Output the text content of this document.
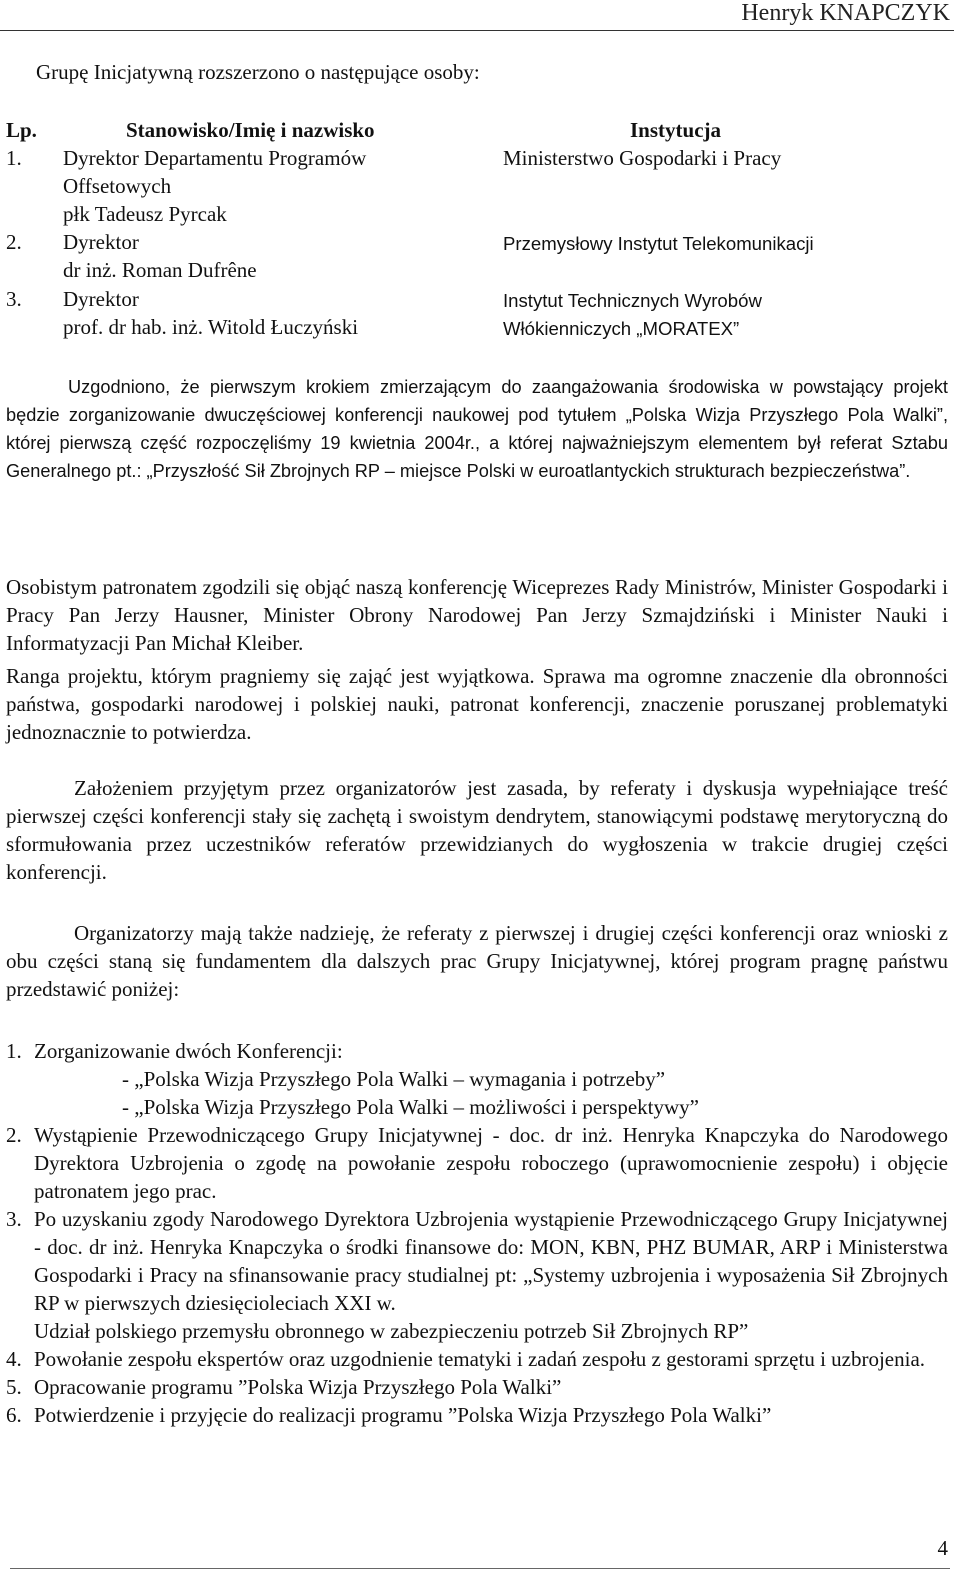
Henryk KNAPCZYK
Grupę Inicjatywną rozszerzono o następujące osoby:
Lp.	Stanowisko/Imię i nazwisko	Instytucja
1. Dyrektor Departamentu Programów
Offsetowych
płk Tadeusz Pyrcak
Ministerstwo Gospodarki i Pracy
2. Dyrektor
dr inż. Roman Dufrêne
Przemysłowy Instytut Telekomunikacji
3. Dyrektor
prof. dr hab. inż. Witold Łuczyński
Instytut Technicznych Wyrobów
Włókienniczych „MORATEX”

Uzgodniono, że pierwszym krokiem zmierzającym do zaangażowania środowiska w powstający projekt będzie zorganizowanie dwuczęściowej konferencji naukowej pod tytułem „Polska Wizja Przyszłego Pola Walki”, której pierwszą część rozpoczęliśmy 19 kwietnia 2004r., a której najważniejszym elementem był referat Sztabu Generalnego pt.: „Przyszłość Sił Zbrojnych RP – miejsce Polski w euroatlantyckich strukturach bezpieczeństwa”.

Osobistym patronatem zgodzili się objąć naszą konferencję Wiceprezes Rady Ministrów, Minister Gospodarki i Pracy Pan Jerzy Hausner, Minister Obrony Narodowej Pan Jerzy Szmajdziński i Minister Nauki i Informatyzacji Pan Michał Kleiber.

Ranga projektu, którym pragniemy się zająć jest wyjątkowa. Sprawa ma ogromne znaczenie dla obronności państwa, gospodarki narodowej i polskiej nauki, patronat konferencji, znaczenie poruszanej problematyki jednoznacznie to potwierdza.

Założeniem przyjętym przez organizatorów jest zasada, by referaty i dyskusja wypełniające treść pierwszej części konferencji stały się zachętą i swoistym dendrytem, stanowiącymi podstawę merytoryczną do sformułowania przez uczestników referatów przewidzianych do wygłoszenia w trakcie drugiej części konferencji.

Organizatorzy mają także nadzieję, że referaty z pierwszej i drugiej części konferencji oraz wnioski z obu części staną się fundamentem dla dalszych prac Grupy Inicjatywnej, której program pragnę państwu przedstawić poniżej:

1. Zorganizowanie dwóch Konferencji:
- „Polska Wizja Przyszłego Pola Walki – wymagania i potrzeby”
- „Polska Wizja Przyszłego Pola Walki – możliwości i perspektywy”
2. Wystąpienie Przewodniczącego Grupy Inicjatywnej - doc. dr inż. Henryka Knapczyka do Narodowego Dyrektora Uzbrojenia o zgodę na powołanie zespołu roboczego (uprawomocnienie zespołu) i objęcie patronatem jego prac.
3. Po uzyskaniu zgody Narodowego Dyrektora Uzbrojenia wystąpienie Przewodniczącego Grupy Inicjatywnej - doc. dr inż. Henryka Knapczyka o środki finansowe do: MON, KBN, PHZ BUMAR, ARP i Ministerstwa Gospodarki i Pracy na sfinansowanie pracy studialnej pt: „Systemy uzbrojenia i wyposażenia Sił Zbrojnych RP w pierwszych dziesięcioleciach XXI w.
Udział polskiego przemysłu obronnego w zabezpieczeniu potrzeb Sił Zbrojnych RP”
4. Powołanie zespołu ekspertów oraz uzgodnienie tematyki i zadań zespołu z gestorami sprzętu i uzbrojenia.
5. Opracowanie programu ”Polska Wizja Przyszłego Pola Walki”
6. Potwierdzenie i przyjęcie do realizacji programu ”Polska Wizja Przyszłego Pola Walki”
4
